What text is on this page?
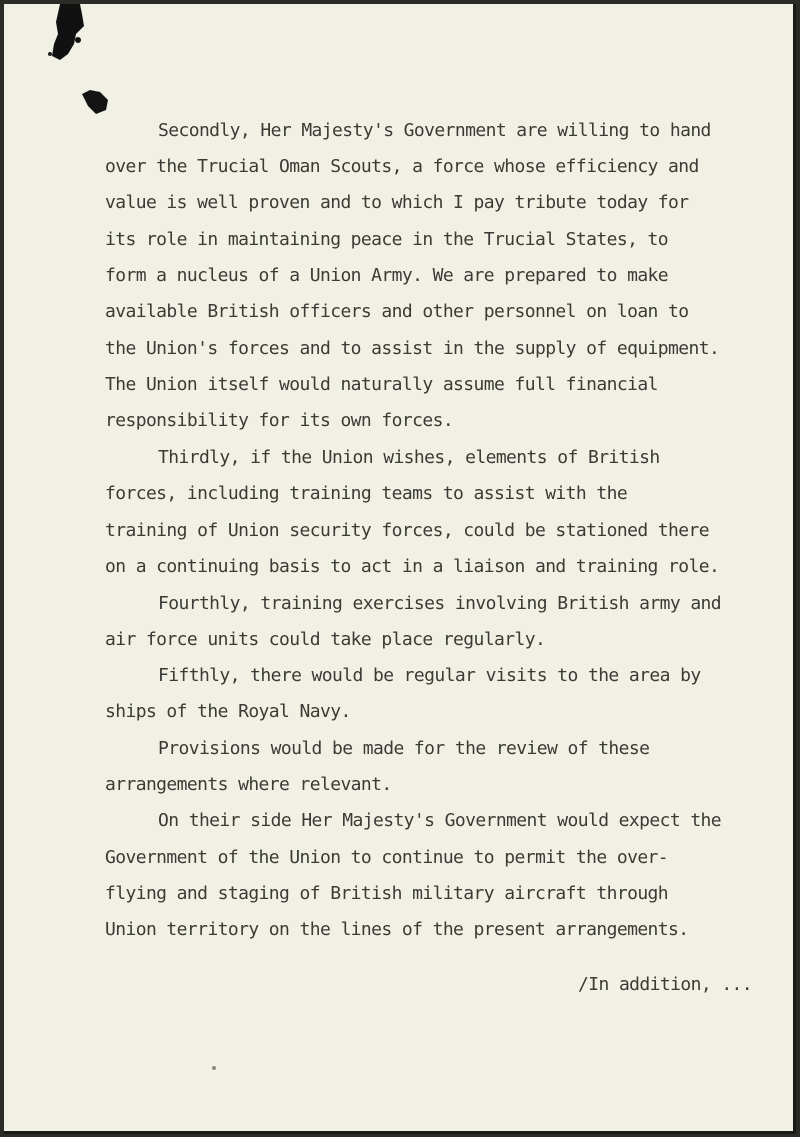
Secondly, Her Majesty's Government are willing to hand
over the Trucial Oman Scouts, a force whose efficiency and
value is well proven and to which I pay tribute today for
its role in maintaining peace in the Trucial States, to
form a nucleus of a Union Army. We are prepared to make
available British officers and other personnel on loan to
the Union's forces and to assist in the supply of equipment.
The Union itself would naturally assume full financial
responsibility for its own forces.
Thirdly, if the Union wishes, elements of British
forces, including training teams to assist with the
training of Union security forces, could be stationed there
on a continuing basis to act in a liaison and training role.
Fourthly, training exercises involving British army and
air force units could take place regularly.
Fifthly, there would be regular visits to the area by
ships of the Royal Navy.
Provisions would be made for the review of these
arrangements where relevant.
On their side Her Majesty's Government would expect the
Government of the Union to continue to permit the over-
flying and staging of British military aircraft through
Union territory on the lines of the present arrangements.
/In addition, ...
